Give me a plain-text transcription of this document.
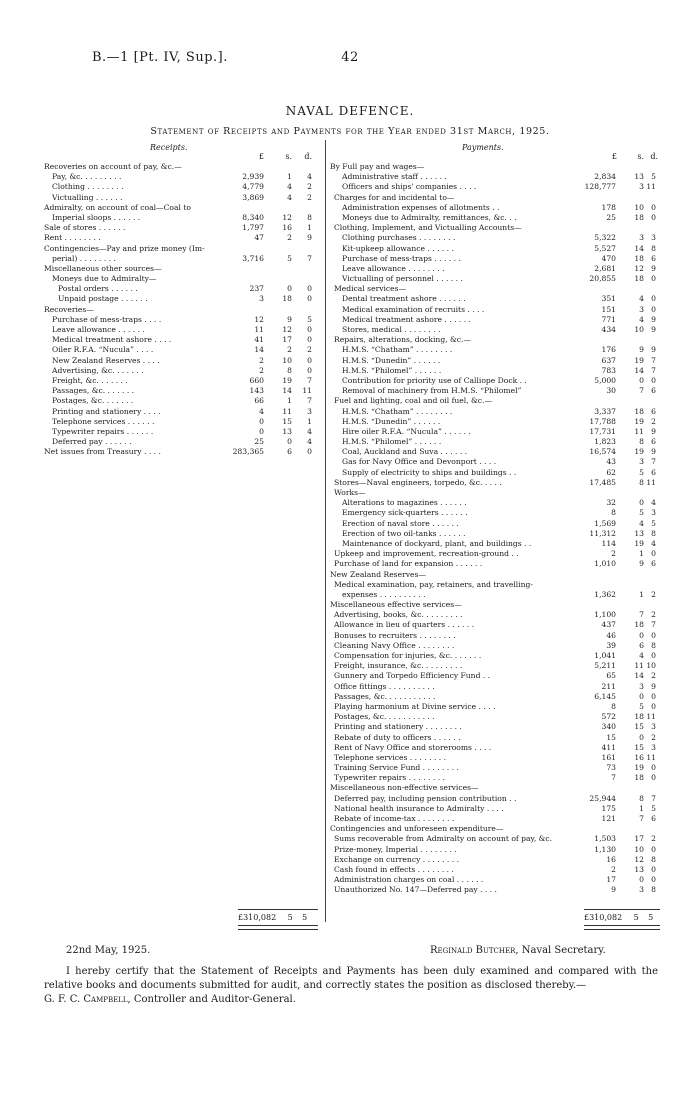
B.—1 [Pt. IV, Sup.].	42
NAVAL DEFENCE.
Statement of Receipts and Payments for the Year ended 31st March, 1925.
Receipts.	Payments.
£	s.	d.	£	s. d.
Recoveries on account of pay, &c.—
Pay, &c. . . . . . . . .	2,939	1	4
Clothing . . . . . . . .	4,779	4	2
Victualling . . . . . .	3,869	4	2
Admiralty, on account of coal—Coal to
Imperial sloops . . . . . .	8,340	12	8
Sale of stores . . . . . .	1,797	16	1
Rent . . . . . . . .	47	2	9
Contingencies—Pay and prize money (Im-
perial) . . . . . . . .	3,716	5	7
Miscellaneous other sources—
Moneys due to Admiralty—
Postal orders . . . . . .	237	0	0
Unpaid postage . . . . . .	3	18	0
Recoveries—
Purchase of mess-traps . . . .	12	9	5
Leave allowance . . . . . .	11	12	0
Medical treatment ashore . . . .	41	17	0
Oiler R.F.A. “Nucula” . . . .	14	2	2
New Zealand Reserves . . . .	2	10	0
Advertising, &c. . . . . . .	2	8	0
Freight, &c. . . . . . .	660	19	7
Passages, &c. . . . . . .	143	14 11
Postages, &c. . . . . . .	66	1	7
Printing and stationery . . . .	4	11	3
Telephone services . . . . . .	0	15	1
Typewriter repairs . . . . . .	0	13	4
Deferred pay . . . . . .	25	0	4
Net issues from Treasury . . . .	283,365	6	0
By Full pay and wages—
Administrative staff . . . . . .	2,834	13 5
Officers and ships' companies . . . .	128,777	3 11
Charges for and incidental to—
Administration expenses of allotments . .	178	10 0
Moneys due to Admiralty, remittances, &c. . .	25	18 0
Clothing, Implement, and Victualling Accounts—
Clothing purchases . . . . . . . .	5,322	3 3
Kit-upkeep allowance . . . . . .	5,527	14 8
Purchase of mess-traps . . . . . .	470	18 6
Leave allowance . . . . . . . .	2,681	12 9
Victualling of personnel . . . . . .	20,855	18 0
Medical services—
Dental treatment ashore . . . . . .	351	4 0
Medical examination of recruits . . . .	151	3 0
Medical treatment ashore . . . . . .	771	4 9
Stores, medical . . . . . . . .	434	10 9
Repairs, alterations, docking, &c.—
H.M.S. “Chatham” . . . . . . . .	176	9 9
H.M.S. “Dunedin” . . . . . .	637	19 7
H.M.S. “Philomel” . . . . . .	783	14 7
Contribution for priority use of Calliope Dock . .	5,000	0 0
Removal of machinery from H.M.S. “Philomel”	30	7 6
Fuel and lighting, coal and oil fuel, &c.—
H.M.S. “Chatham” . . . . . . . .	3,337	18 6
H.M.S. “Dunedin” . . . . . .	17,788	19 2
Hire oiler R.F.A. “Nucula” . . . . . .	17,731	11 9
H.M.S. “Philomel” . . . . . .	1,823	8 6
Coal, Auckland and Suva . . . . . .	16,574	19 9
Gas for Navy Office and Devonport . . . .	43	3 7
Supply of electricity to ships and buildings . .	62	5 6
Stores—Naval engineers, torpedo, &c. . . . .	17,485	8 11
Works—
Alterations to magazines . . . . . .	32	0 4
Emergency sick-quarters . . . . . .	8	5 3
Erection of naval store . . . . . .	1,569	4 5
Erection of two oil-tanks . . . . . .	11,312	13 8
Maintenance of dockyard, plant, and buildings . .	114	19 4
Upkeep and improvement, recreation-ground . .	2	1 0
Purchase of land for expansion . . . . . .	1,010	9 6
New Zealand Reserves—
Medical examination, pay, retainers, and travelling-
expenses . . . . . . . . . .	1,362	1 2
Miscellaneous effective services—
Advertising, books, &c. . . . . . . . .	1,100	7 2
Allowance in lieu of quarters . . . . . .	437	18 7
Bonuses to recruiters . . . . . . . .	46	0 0
Cleaning Navy Office . . . . . . . .	39	6 8
Compensation for injuries, &c. . . . . . .	1,041	4 0
Freight, insurance, &c. . . . . . . . .	5,211	11 10
Gunnery and Torpedo Efficiency Fund . .	65	14 2
Office fittings . . . . . . . . . .	211	3 9
Passages, &c. . . . . . . . . . .	6,145	0 0
Playing harmonium at Divine service . . . .	8	5 0
Postages, &c. . . . . . . . . . .	572	18 11
Printing and stationery . . . . . . . .	340	15 3
Rebate of duty to officers . . . . . .	15	0 2
Rent of Navy Office and storerooms . . . .	411	15 3
Telephone services . . . . . . . .	161	16 11
Training Service Fund . . . . . . . .	73	19 0
Typewriter repairs . . . . . . . .	7	18 0
Miscellaneous non-effective services—
Deferred pay, including pension contribution . .	25,944	8 7
National health insurance to Admiralty . . . .	175	1 5
Rebate of income-tax . . . . . . . .	121	7 6
Contingencies and unforeseen expenditure—
Sums recoverable from Admiralty on account of pay, &c.	1,503	17 2
Prize-money, Imperial . . . . . . . .	1,130	10 0
Exchange on currency . . . . . . . .	16	12 8
Cash found in effects . . . . . . . .	2	13 0
Administration charges on coal . . . . . .	17	0 0
Unauthorized No. 147—Deferred pay . . . .	9	3 8
£310,082 5 5	£310,082 5 5
22nd May, 1925.	Reginald Butcher, Naval Secretary.
I hereby certify that the Statement of Receipts and Payments has been duly examined and compared with the relative books and documents submitted for audit, and correctly states the position as disclosed thereby.—
G. F. C. Campbell, Controller and Auditor-General.
